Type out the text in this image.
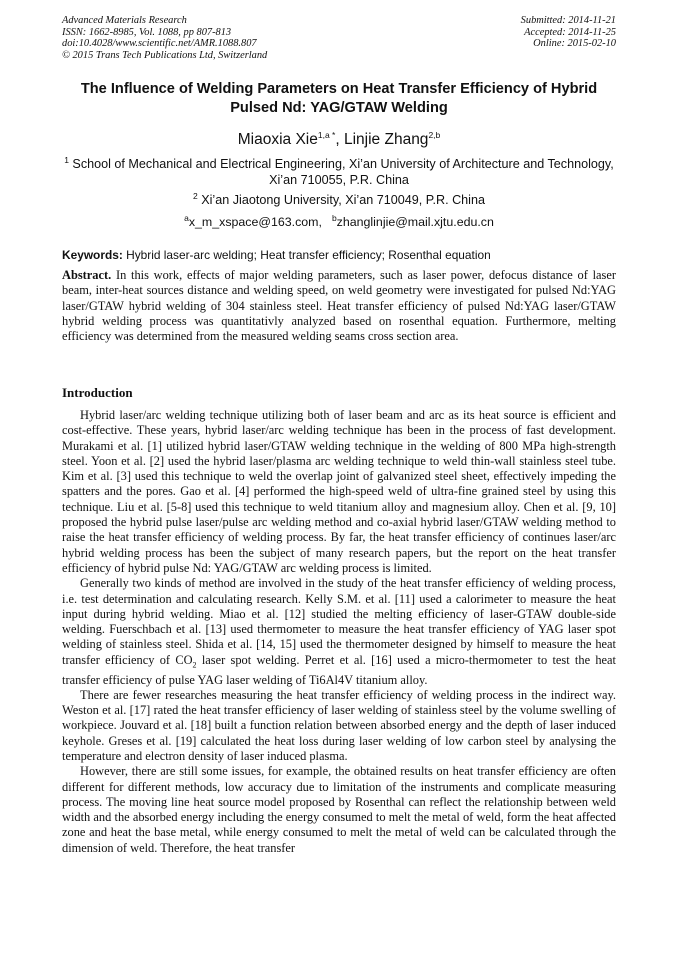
Advanced Materials Research
ISSN: 1662-8985, Vol. 1088, pp 807-813
doi:10.4028/www.scientific.net/AMR.1088.807
© 2015 Trans Tech Publications Ltd, Switzerland
Submitted: 2014-11-21
Accepted: 2014-11-25
Online: 2015-02-10
The Influence of Welding Parameters on Heat Transfer Efficiency of Hybrid Pulsed Nd: YAG/GTAW Welding
Miaoxia Xie$^{1,a *}$, Linjie Zhang$^{2,b}$
$^1$ School of Mechanical and Electrical Engineering, Xi’an University of Architecture and Technology, Xi’an 710055, P.R. China
$^2$ Xi’an Jiaotong University, Xi’an 710049, P.R. China
$^a$x_m_xspace@163.com, $^b$zhanglinjie@mail.xjtu.edu.cn
Keywords: Hybrid laser-arc welding; Heat transfer efficiency; Rosenthal equation

Abstract. In this work, effects of major welding parameters, such as laser power, defocus distance of laser beam, inter-heat sources distance and welding speed, on weld geometry were investigated for pulsed Nd:YAG laser/GTAW hybrid welding of 304 stainless steel. Heat transfer efficiency of pulsed Nd:YAG laser/GTAW hybrid welding process was quantitativly analyzed based on rosenthal equation. Furthermore, melting efficiency was determined from the measured welding seams cross section area.

Introduction

Hybrid laser/arc welding technique utilizing both of laser beam and arc as its heat source is efficient and cost-effective. These years, hybrid laser/arc welding technique has been in the process of fast development. Murakami et al. [1] utilized hybrid laser/GTAW welding technique in the welding of 800 MPa high-strength steel. Yoon et al. [2] used the hybrid laser/plasma arc welding technique to weld thin-wall stainless steel tube. Kim et al. [3] used this technique to weld the overlap joint of galvanized steel sheet, effectively impeding the spatters and the pores. Gao et al. [4] performed the high-speed weld of ultra-fine grained steel by using this technique. Liu et al. [5-8] used this technique to weld titanium alloy and magnesium alloy. Chen et al. [9, 10] proposed the hybrid pulse laser/pulse arc welding method and co-axial hybrid laser/GTAW welding method to raise the heat transfer efficiency of welding process. By far, the heat transfer efficiency of continues laser/arc hybrid welding process has been the subject of many research papers, but the report on the heat transfer efficiency of hybrid pulse Nd: YAG/GTAW arc welding process is limited.

Generally two kinds of method are involved in the study of the heat transfer efficiency of welding process, i.e. test determination and calculating research. Kelly S.M. et al. [11] used a calorimeter to measure the heat input during hybrid welding. Miao et al. [12] studied the melting efficiency of laser-GTAW double-side welding. Fuerschbach et al. [13] used thermometer to measure the heat transfer efficiency of YAG laser spot welding of stainless steel. Shida et al. [14, 15] used the thermometer designed by himself to measure the heat transfer efficiency of $CO_2$ laser spot welding. Perret et al. [16] used a micro-thermometer to test the heat transfer efficiency of pulse YAG laser welding of Ti6Al4V titanium alloy.

There are fewer researches measuring the heat transfer efficiency of welding process in the indirect way. Weston et al. [17] rated the heat transfer efficiency of laser welding of stainless steel by the volume swelling of workpiece. Jouvard et al. [18] built a function relation between absorbed energy and the depth of laser induced keyhole. Greses et al. [19] calculated the heat loss during laser welding of low carbon steel by analysing the temperature and electron density of laser induced plasma.

However, there are still some issues, for example, the obtained results on heat transfer efficiency are often different for different methods, low accuracy due to limitation of the instruments and complicate measuring process. The moving line heat source model proposed by Rosenthal can reflect the relationship between weld width and the absorbed energy including the energy consumed to melt the metal of weld, form the heat affected zone and heat the base metal, while energy consumed to melt the metal of weld can be calculated through the dimension of weld. Therefore, the heat transfer
